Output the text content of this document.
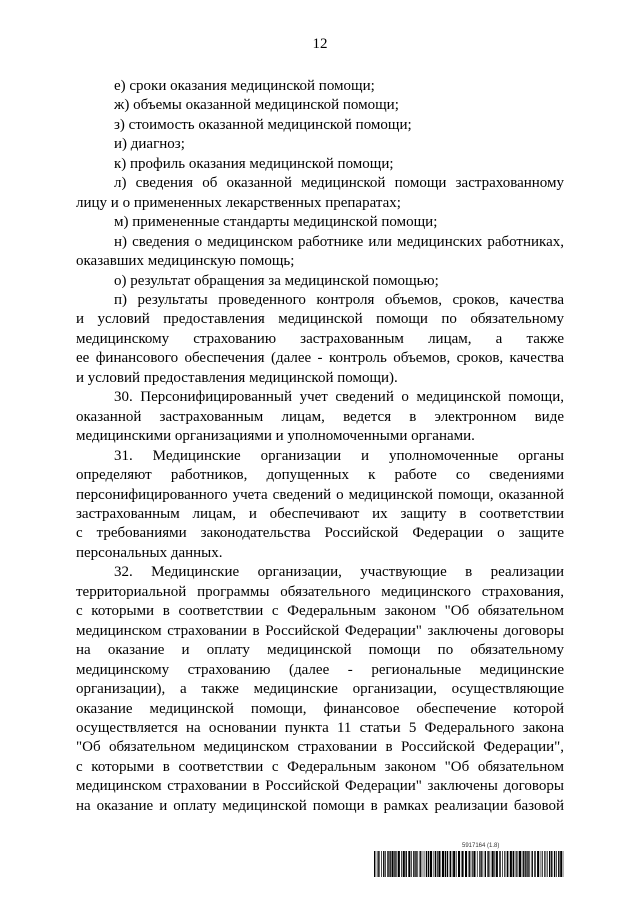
12
е) сроки оказания медицинской помощи;
ж) объемы оказанной медицинской помощи;
з) стоимость оказанной медицинской помощи;
и) диагноз;
к) профиль оказания медицинской помощи;
л) сведения об оказанной медицинской помощи застрахованному
лицу и о примененных лекарственных препаратах;
м) примененные стандарты медицинской помощи;
н) сведения о медицинском работнике или медицинских работниках,
оказавших медицинскую помощь;
о) результат обращения за медицинской помощью;
п) результаты проведенного контроля объемов, сроков, качества
и условий предоставления медицинской помощи по обязательному
медицинскому страхованию застрахованным лицам, а также
ее финансового обеспечения (далее - контроль объемов, сроков, качества
и условий предоставления медицинской помощи).
30. Персонифицированный учет сведений о медицинской помощи,
оказанной застрахованным лицам, ведется в электронном виде
медицинскими организациями и уполномоченными органами.
31. Медицинские организации и уполномоченные органы
определяют работников, допущенных к работе со сведениями
персонифицированного учета сведений о медицинской помощи, оказанной
застрахованным лицам, и обеспечивают их защиту в соответствии
с требованиями законодательства Российской Федерации о защите
персональных данных.
32. Медицинские организации, участвующие в реализации
территориальной программы обязательного медицинского страхования,
с которыми в соответствии с Федеральным законом "Об обязательном
медицинском страховании в Российской Федерации" заключены договоры
на оказание и оплату медицинской помощи по обязательному
медицинскому страхованию (далее - региональные медицинские
организации), а также медицинские организации, осуществляющие
оказание медицинской помощи, финансовое обеспечение которой
осуществляется на основании пункта 11 статьи 5 Федерального закона
"Об обязательном медицинском страховании в Российской Федерации",
с которыми в соответствии с Федеральным законом "Об обязательном
медицинском страховании в Российской Федерации" заключены договоры
на оказание и оплату медицинской помощи в рамках реализации базовой
5917164 (1.8)
